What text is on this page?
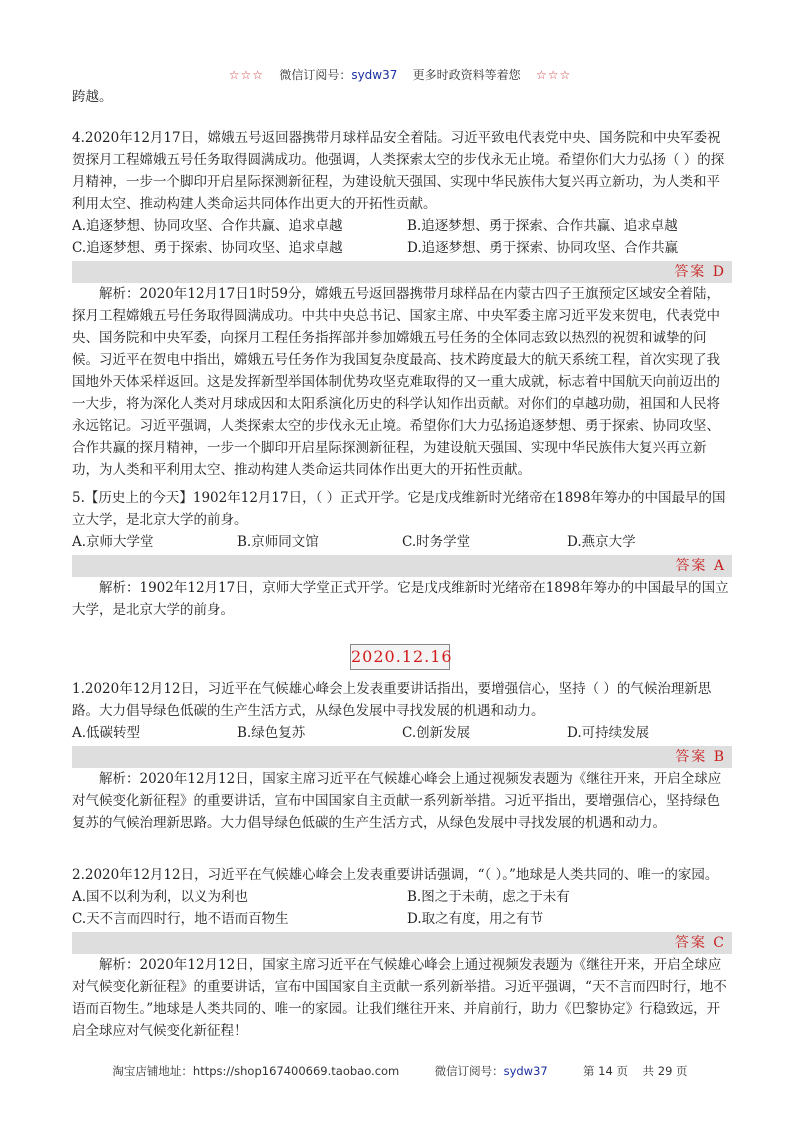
☆☆☆ 微信订阅号：sydw37 更多时政资料等着您 ☆☆☆

跨越。

4.2020年12月17日，嫦娥五号返回器携带月球样品安全着陆。习近平致电代表党中央、国务院和中央军委祝贺探月工程嫦娥五号任务取得圆满成功。他强调，人类探索太空的步伐永无止境。希望你们大力弘扬（ ）的探月精神，一步一个脚印开启星际探测新征程，为建设航天强国、实现中华民族伟大复兴再立新功，为人类和平利用太空、推动构建人类命运共同体作出更大的开拓性贡献。

A.追逐梦想、协同攻坚、合作共赢、追求卓越	B.追逐梦想、勇于探索、合作共赢、追求卓越
C.追逐梦想、勇于探索、协同攻坚、追求卓越	D.追逐梦想、勇于探索、协同攻坚、合作共赢
答案 D

解析：2020年12月17日1时59分，嫦娥五号返回器携带月球样品在内蒙古四子王旗预定区域安全着陆，探月工程嫦娥五号任务取得圆满成功。中共中央总书记、国家主席、中央军委主席习近平发来贺电，代表党中央、国务院和中央军委，向探月工程任务指挥部并参加嫦娥五号任务的全体同志致以热烈的祝贺和诚挚的问候。习近平在贺电中指出，嫦娥五号任务作为我国复杂度最高、技术跨度最大的航天系统工程，首次实现了我国地外天体采样返回。这是发挥新型举国体制优势攻坚克难取得的又一重大成就，标志着中国航天向前迈出的一大步，将为深化人类对月球成因和太阳系演化历史的科学认知作出贡献。对你们的卓越功勋，祖国和人民将永远铭记。习近平强调，人类探索太空的步伐永无止境。希望你们大力弘扬追逐梦想、勇于探索、协同攻坚、合作共赢的探月精神，一步一个脚印开启星际探测新征程，为建设航天强国、实现中华民族伟大复兴再立新功，为人类和平利用太空、推动构建人类命运共同体作出更大的开拓性贡献。

5.【历史上的今天】1902年12月17日，（ ）正式开学。它是戊戌维新时光绪帝在1898年筹办的中国最早的国立大学，是北京大学的前身。

A.京师大学堂	B.京师同文馆	C.时务学堂	D.燕京大学
答案 A

解析：1902年12月17日，京师大学堂正式开学。它是戊戌维新时光绪帝在1898年筹办的中国最早的国立大学，是北京大学的前身。

2020.12.16

1.2020年12月12日，习近平在气候雄心峰会上发表重要讲话指出，要增强信心，坚持（ ）的气候治理新思路。大力倡导绿色低碳的生产生活方式，从绿色发展中寻找发展的机遇和动力。

A.低碳转型	B.绿色复苏	C.创新发展	D.可持续发展
答案 B

解析：2020年12月12日，国家主席习近平在气候雄心峰会上通过视频发表题为《继往开来，开启全球应对气候变化新征程》的重要讲话，宣布中国国家自主贡献一系列新举措。习近平指出，要增强信心，坚持绿色复苏的气候治理新思路。大力倡导绿色低碳的生产生活方式，从绿色发展中寻找发展的机遇和动力。

2.2020年12月12日，习近平在气候雄心峰会上发表重要讲话强调，“（ ）。”地球是人类共同的、唯一的家园。

A.国不以利为利，以义为利也	B.图之于未萌，虑之于未有
C.天不言而四时行，地不语而百物生	D.取之有度，用之有节
答案 C

解析：2020年12月12日，国家主席习近平在气候雄心峰会上通过视频发表题为《继往开来，开启全球应对气候变化新征程》的重要讲话，宣布中国国家自主贡献一系列新举措。习近平强调，“天不言而四时行，地不语而百物生。”地球是人类共同的、唯一的家园。让我们继往开来、并肩前行，助力《巴黎协定》行稳致远，开启全球应对气候变化新征程！

淘宝店铺地址：https://shop167400669.taobao.com	微信订阅号：sydw37	第 14 页 共 29 页
